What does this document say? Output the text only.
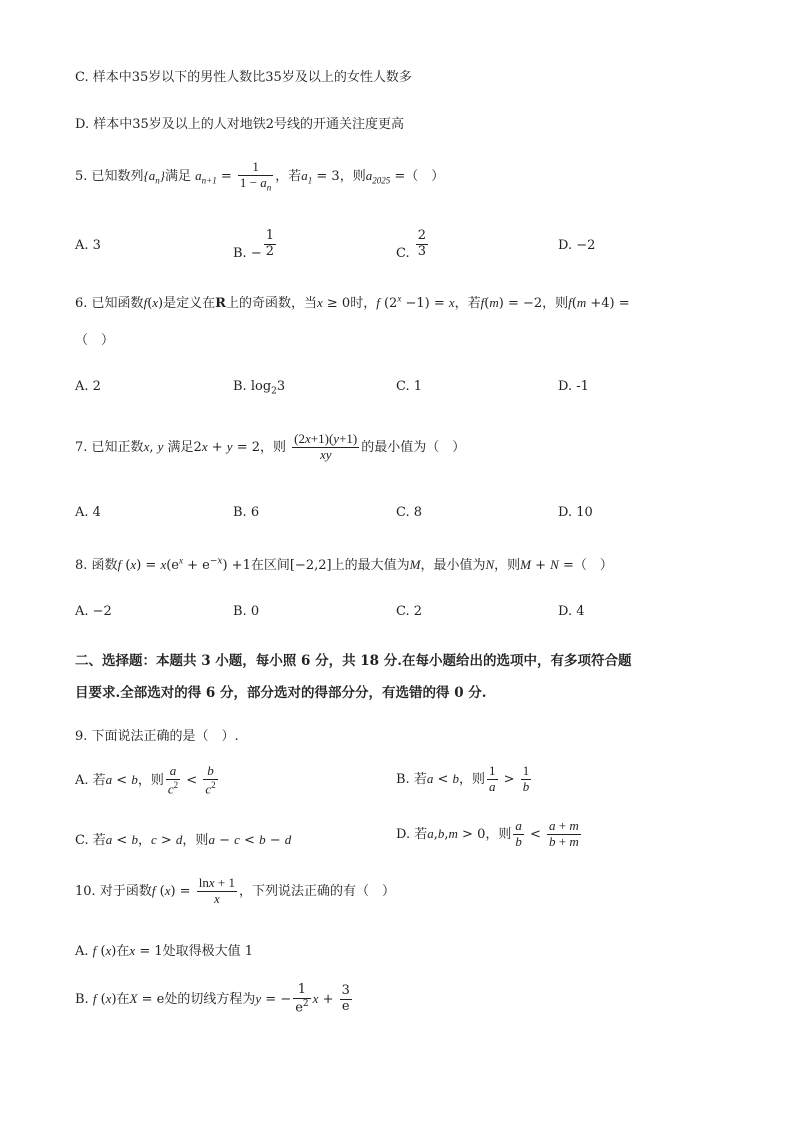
C. 样本中35岁以下的男性人数比35岁及以上的女性人数多
D. 样本中35岁及以上的人对地铁2号线的开通关注度更高
5. 已知数列$\{a_n\}$满足 $a_{n+1} = \frac{1}{1 - a_n}$ ，若$a_1 = 3$，则$a_{2025}$ =（　）
A. 3
B. − $\frac{1}{2}$	C. $\frac{2}{3}$	D. −2
6. 已知函数f(x)是定义在R上的奇函数，当x ≥ 0时，f $(2^x -1) = x$，若f(m) = −2，则f(m +4) =
（　）
A. 2	B. $\log_23$	C. 1	D. -1
7. 已知正数x, y 满足2x + y = 2，则 $\frac{(2x+1)(y+1)}{xy}$ 的最小值为（　）
A. 4	B. 6	C. 8	D. 10
8. 函数f $(x) = x(e^x + e^{-x}) +1$在区间[−2,2]上的最大值为M，最小值为N，则M + N =（　）
A. −2	B. 0	C. 2	D. 4
二、选择题：本题共 3 小题，每小照 6 分，共 18 分.在每小题给出的选项中，有多项符合题
目要求.全部选对的得 6 分，部分选对的得部分分，有选错的得 0 分.
9. 下面说法正确的是（　）.
A. 若a < b，则 $\frac{a}{c^2} < \frac{b}{c^2}$	B. 若a < b，则 $\frac{1}{a} > \frac{1}{b}$
C. 若a < b，c > d，则a − c < b − d	D. 若a,b,m > 0，则 $\frac{a}{b} < \frac{a + m}{b + m}$
10. 对于函数f $(x) = \frac{\ln x + 1}{x}$ ，下列说法正确的有（　）
A. f (x)在x = 1处取得极大值 1
B. f (x)在X = e处的切线方程为y = − $\frac{1}{e^2}$ $x + \frac{3}{e}$
